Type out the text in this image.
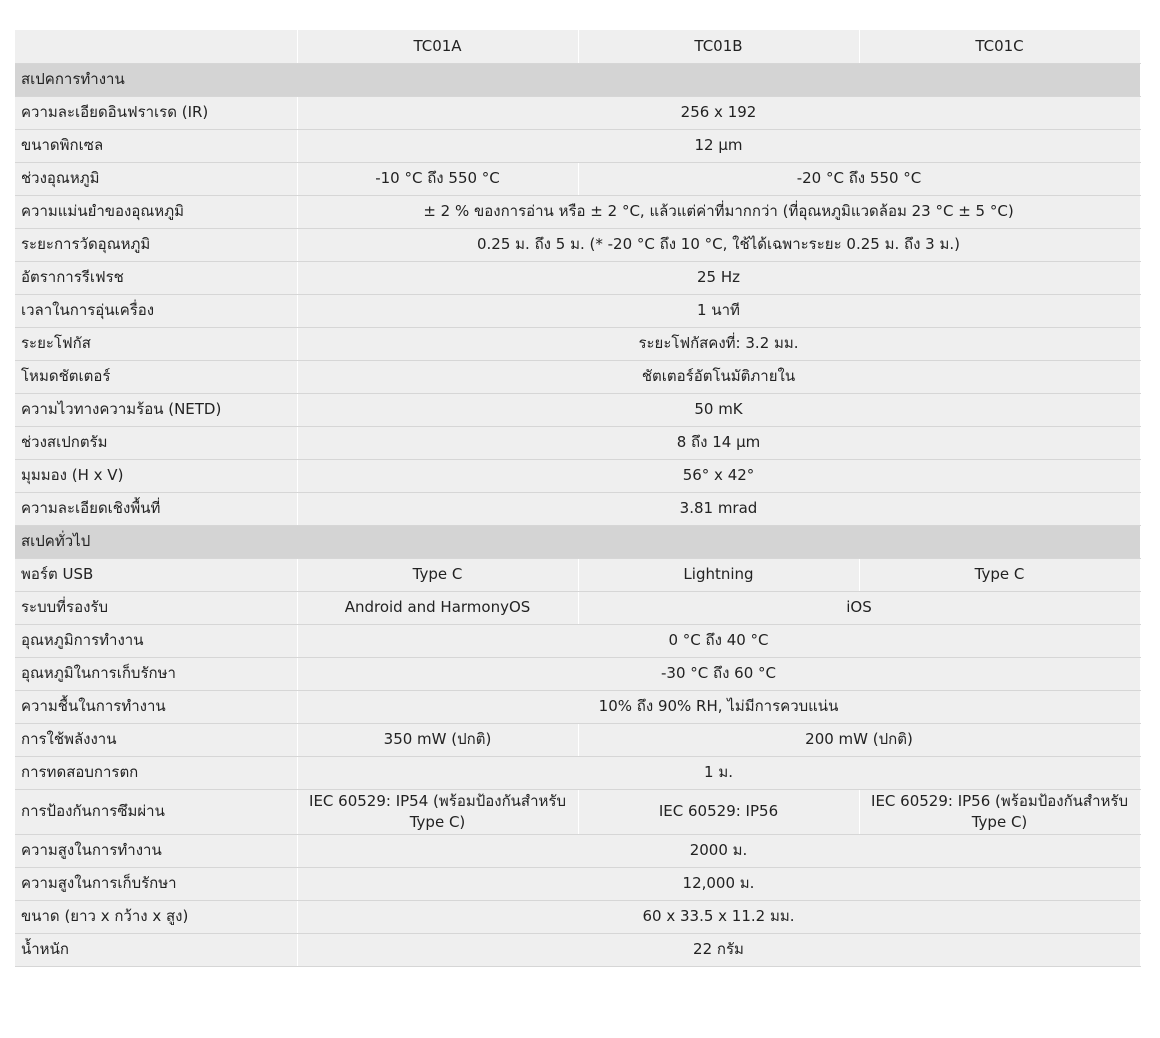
	TC01A	TC01B	TC01C
สเปคการทำงาน			
ความละเอียดอินฟราเรด (IR)	256 x 192		
ขนาดพิกเซล	12 μm		
ช่วงอุณหภูมิ	-10 °C ถึง 550 °C	-20 °C ถึง 550 °C	
ความแม่นยำของอุณหภูมิ	± 2 % ของการอ่าน หรือ ± 2 °C, แล้วแต่ค่าที่มากกว่า (ที่อุณหภูมิแวดล้อม 23 °C ± 5 °C)		
ระยะการวัดอุณหภูมิ	0.25 ม. ถึง 5 ม. (* -20 °C ถึง 10 °C, ใช้ได้เฉพาะระยะ 0.25 ม. ถึง 3 ม.)		
อัตราการรีเฟรช	25 Hz		
เวลาในการอุ่นเครื่อง	1 นาที		
ระยะโฟกัส	ระยะโฟกัสคงที่: 3.2 มม.		
โหมดชัตเตอร์	ชัตเตอร์อัตโนมัติภายใน		
ความไวทางความร้อน (NETD)	50 mK		
ช่วงสเปกตรัม	8 ถึง 14 μm		
มุมมอง (H x V)	56° x 42°		
ความละเอียดเชิงพื้นที่	3.81 mrad		
สเปคทั่วไป			
พอร์ต USB	Type C	Lightning	Type C
ระบบที่รองรับ	Android and HarmonyOS	iOS	
อุณหภูมิการทำงาน	0 °C ถึง 40 °C		
อุณหภูมิในการเก็บรักษา	-30 °C ถึง 60 °C		
ความชื้นในการทำงาน	10% ถึง 90% RH, ไม่มีการควบแน่น		
การใช้พลังงาน	350 mW (ปกติ)	200 mW (ปกติ)	
การทดสอบการตก	1 ม.		
การป้องกันการซึมผ่าน	IEC 60529: IP54 (พร้อมป้องกันสำหรับ Type C)	IEC 60529: IP56	IEC 60529: IP56 (พร้อมป้องกันสำหรับ Type C)
ความสูงในการทำงาน	2000 ม.		
ความสูงในการเก็บรักษา	12,000 ม.		
ขนาด (ยาว x กว้าง x สูง)	60 x 33.5 x 11.2 มม.		
น้ำหนัก	22 กรัม		
